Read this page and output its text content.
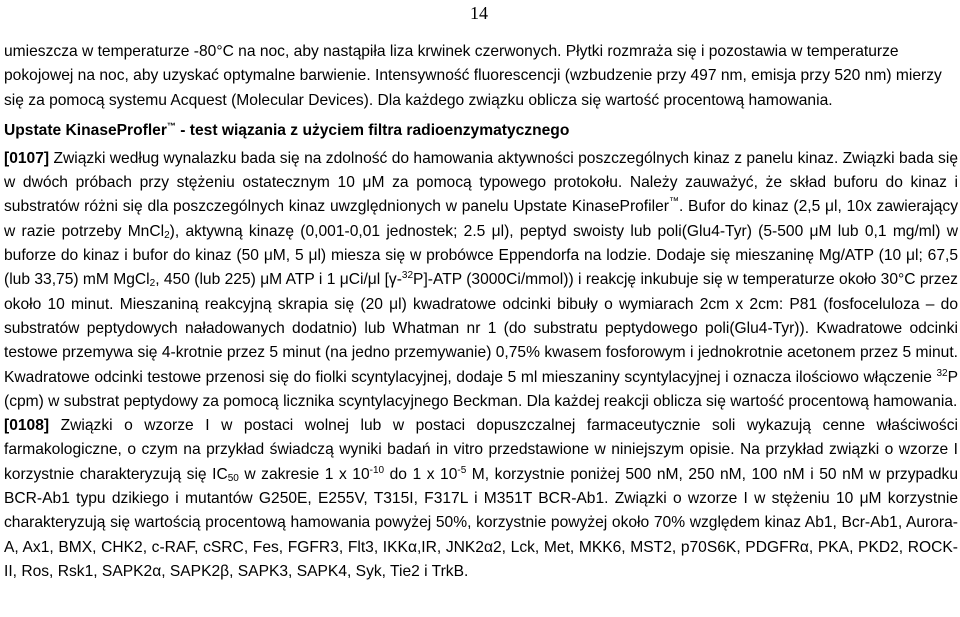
14

umieszcza w temperaturze -80°C na noc, aby nastąpiła liza krwinek czerwonych. Płytki rozmraża się i pozostawia w temperaturze pokojowej na noc, aby uzyskać optymalne barwienie. Intensywność fluorescencji (wzbudzenie przy 497 nm, emisja przy 520 nm) mierzy się za pomocą systemu Acquest (Molecular Devices). Dla każdego związku oblicza się wartość procentową hamowania.

Upstate KinaseProfler™ - test wiązania z użyciem filtra radioenzymatycznego

[0107] Związki według wynalazku bada się na zdolność do hamowania aktywności poszczególnych kinaz z panelu kinaz. Związki bada się w dwóch próbach przy stężeniu ostatecznym 10 μM za pomocą typowego protokołu. Należy zauważyć, że skład buforu do kinaz i substratów różni się dla poszczególnych kinaz uwzględnionych w panelu Upstate KinaseProfiler™. Bufor do kinaz (2,5 μl, 10x zawierający w razie potrzeby MnCl$_2$), aktywną kinazę (0,001-0,01 jednostek; 2.5 μl), peptyd swoisty lub poli(Glu4-Tyr) (5-500 μM lub 0,1 mg/ml) w buforze do kinaz i bufor do kinaz (50 μM, 5 μl) miesza się w probówce Eppendorfa na lodzie. Dodaje się mieszaninę Mg/ATP (10 μl; 67,5 (lub 33,75) mM MgCl$_2$, 450 (lub 225) μM ATP i 1 μCi/μl [γ-$^{32}$P]-ATP (3000Ci/mmol)) i reakcję inkubuje się w temperaturze około 30°C przez około 10 minut. Mieszaniną reakcyjną skrapia się (20 μl) kwadratowe odcinki bibuły o wymiarach 2cm x 2cm: P81 (fosfoceluloza – do substratów peptydowych naładowanych dodatnio) lub Whatman nr 1 (do substratu peptydowego poli(Glu4-Tyr)). Kwadratowe odcinki testowe przemywa się 4-krotnie przez 5 minut (na jedno przemywanie) 0,75% kwasem fosforowym i jednokrotnie acetonem przez 5 minut. Kwadratowe odcinki testowe przenosi się do fiolki scyntylacyjnej, dodaje 5 ml mieszaniny scyntylacyjnej i oznacza ilościowo włączenie $^{32}$P (cpm) w substrat peptydowy za pomocą licznika scyntylacyjnego Beckman. Dla każdej reakcji oblicza się wartość procentową hamowania.

[0108] Związki o wzorze I w postaci wolnej lub w postaci dopuszczalnej farmaceutycznie soli wykazują cenne właściwości farmakologiczne, o czym na przykład świadczą wyniki badań in vitro przedstawione w niniejszym opisie. Na przykład związki o wzorze I korzystnie charakteryzują się $IC_{50}$ w zakresie 1 x $10^{-10}$ do 1 x $10^{-5}$ M, korzystnie poniżej 500 nM, 250 nM, 100 nM i 50 nM w przypadku BCR-Ab1 typu dzikiego i mutantów G250E, E255V, T315I, F317L i M351T BCR-Ab1. Związki o wzorze I w stężeniu 10 μM korzystnie charakteryzują się wartością procentową hamowania powyżej 50%, korzystnie powyżej około 70% względem kinaz Ab1, Bcr-Ab1, Aurora-A, Ax1, BMX, CHK2, c-RAF, cSRC, Fes, FGFR3, Flt3, IKKα,IR, JNK2α2, Lck, Met, MKK6, MST2, p70S6K, PDGFRα, PKA, PKD2, ROCK-II, Ros, Rsk1, SAPK2α, SAPK2β, SAPK3, SAPK4, Syk, Tie2 i TrkB.
